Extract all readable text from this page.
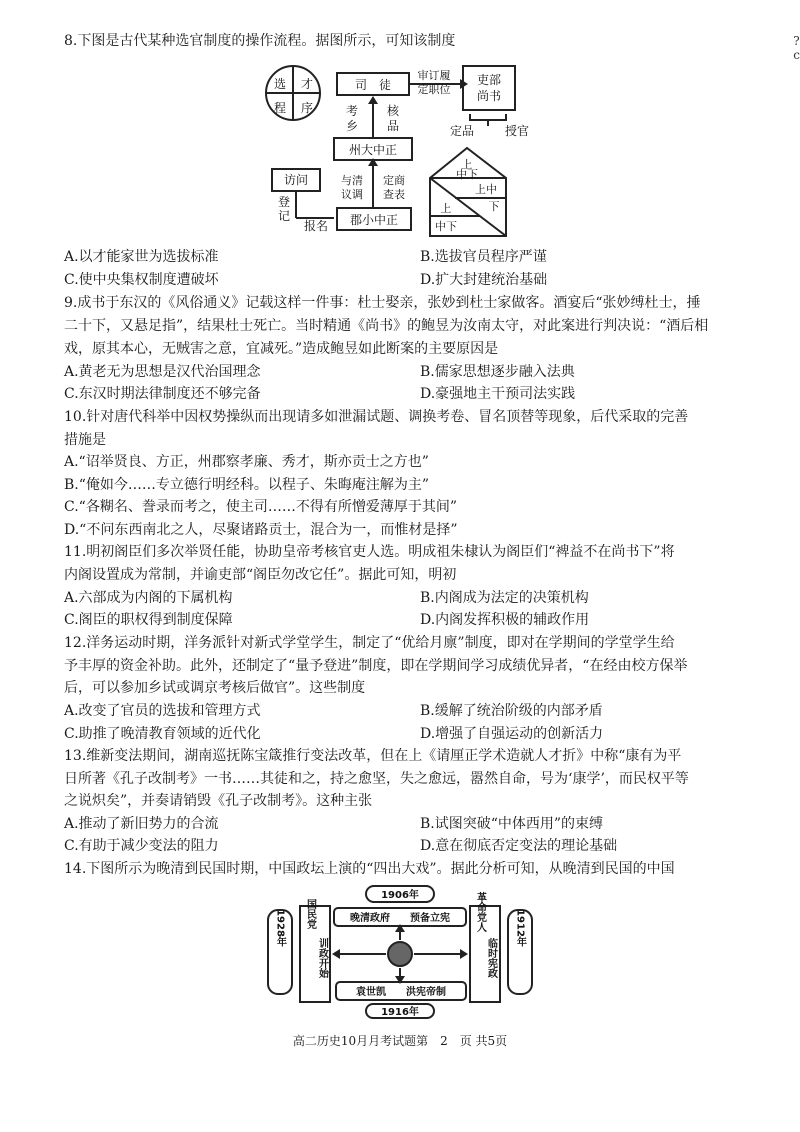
?
c
8.下图是古代某种选官制度的操作流程。据图所示，可知该制度
选 才
程 序
司　徒
审订履
定职位
吏部
尚书
定品	授官
考
乡
核
品
州大中正
访问
登
记
报名
与清
议调
定商
查表
郡小中正
上
中下
上中
下
上
中下
A.以才能家世为选拔标准	B.选拔官员程序严谨
C.使中央集权制度遭破坏	D.扩大封建统治基础
9.成书于东汉的《风俗通义》记载这样一件事：杜士娶亲，张妙到杜士家做客。酒宴后“张妙缚杜士，捶
二十下，又悬足指”，结果杜士死亡。当时精通《尚书》的鲍昱为汝南太守，对此案进行判决说：“酒后相
戏，原其本心，无贼害之意，宜减死。”造成鲍昱如此断案的主要原因是
A.黄老无为思想是汉代治国理念	B.儒家思想逐步融入法典
C.东汉时期法律制度还不够完备	D.豪强地主干预司法实践
10.针对唐代科举中因权势操纵而出现请多如泄漏试题、调换考卷、冒名顶替等现象，后代采取的完善
措施是
A.“诏举贤良、方正，州郡察孝廉、秀才，斯亦贡士之方也”
B.“俺如今……专立德行明经科。以程子、朱晦庵注解为主”
C.“各糊名、誊录而考之，使主司……不得有所憎爱薄厚于其间”
D.“不问东西南北之人，尽聚诸路贡士，混合为一，而惟材是择”
11.明初阁臣们多次举贤任能，协助皇帝考核官吏人选。明成祖朱棣认为阁臣们“裨益不在尚书下”将
内阁设置成为常制，并谕吏部“阁臣勿改它任”。据此可知，明初
A.六部成为内阁的下属机构	B.内阁成为法定的决策机构
C.阁臣的职权得到制度保障	D.内阁发挥积极的辅政作用
12.洋务运动时期，洋务派针对新式学堂学生，制定了“优给月廪”制度，即对在学期间的学堂学生给
予丰厚的资金补助。此外，还制定了“量予登进”制度，即在学期间学习成绩优异者，“在经由校方保举
后，可以参加乡试或调京考核后做官”。这些制度
A.改变了官员的选拔和管理方式	B.缓解了统治阶级的内部矛盾
C.助推了晚清教育领域的近代化	D.增强了自强运动的创新活力
13.维新变法期间，湖南巡抚陈宝箴推行变法改革，但在上《请厘正学术造就人才折》中称“康有为平
日所著《孔子改制考》一书……其徒和之，持之愈坚，失之愈远，嚣然自命，号为‘康学’，而民权平等
之说炽矣”，并奏请销毁《孔子改制考》。这种主张
A.推动了新旧势力的合流	B.试图突破“中体西用”的束缚
C.有助于减少变法的阻力	D.意在彻底否定变法的理论基础
14.下图所示为晚清到民国时期，中国政坛上演的“四出大戏”。据此分析可知，从晚清到民国的中国
1906年
晚清政府　　预备立宪
袁世凯　　洪宪帝制
1916年
1928年 国民党
训政开始
革命党人
临时宪政
1912年
高二历史10月月考试题第　2　页 共5页
